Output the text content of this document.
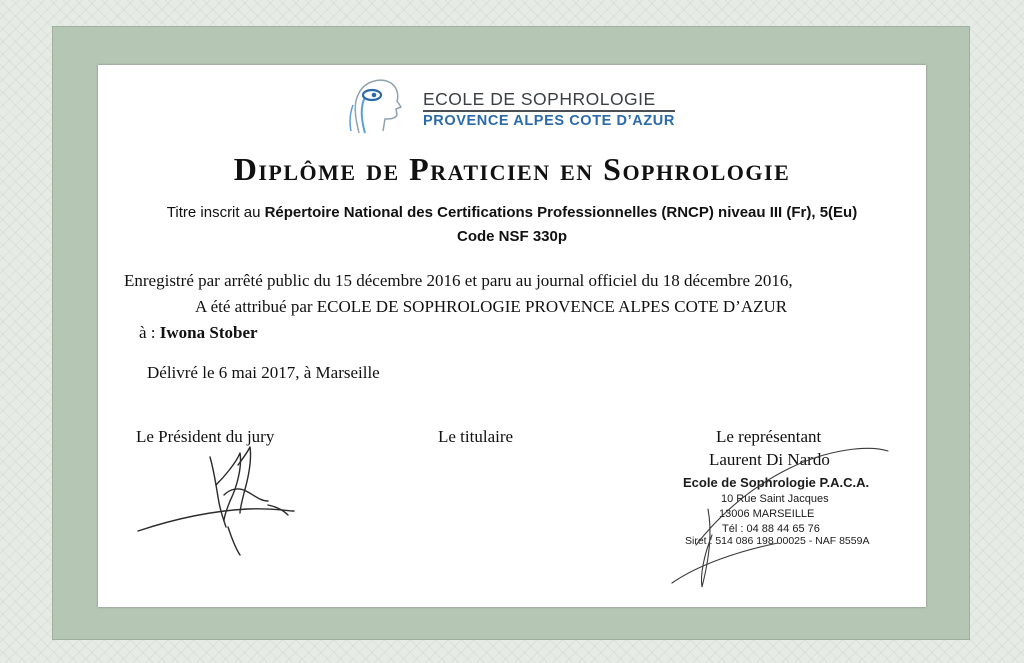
ECOLE DE SOPHROLOGIE
PROVENCE ALPES COTE D’AZUR
Diplôme de Praticien en Sophrologie
Titre inscrit au Répertoire National des Certifications Professionnelles (RNCP) niveau III (Fr), 5(Eu)
Code NSF 330p
Enregistré par arrêté public du 15 décembre 2016 et paru au journal officiel du 18 décembre 2016,
A été attribué par ECOLE DE SOPHROLOGIE PROVENCE ALPES COTE D’AZUR
à : Iwona Stober
Délivré le 6 mai 2017, à Marseille
Le Président du jury	Le titulaire	Le représentant
Laurent Di Nardo
Ecole de Sophrologie P.A.C.A.
10 Rue Saint Jacques
13006 MARSEILLE
Tél : 04 88 44 65 76
Siret : 514 086 198 00025 - NAF 8559A
